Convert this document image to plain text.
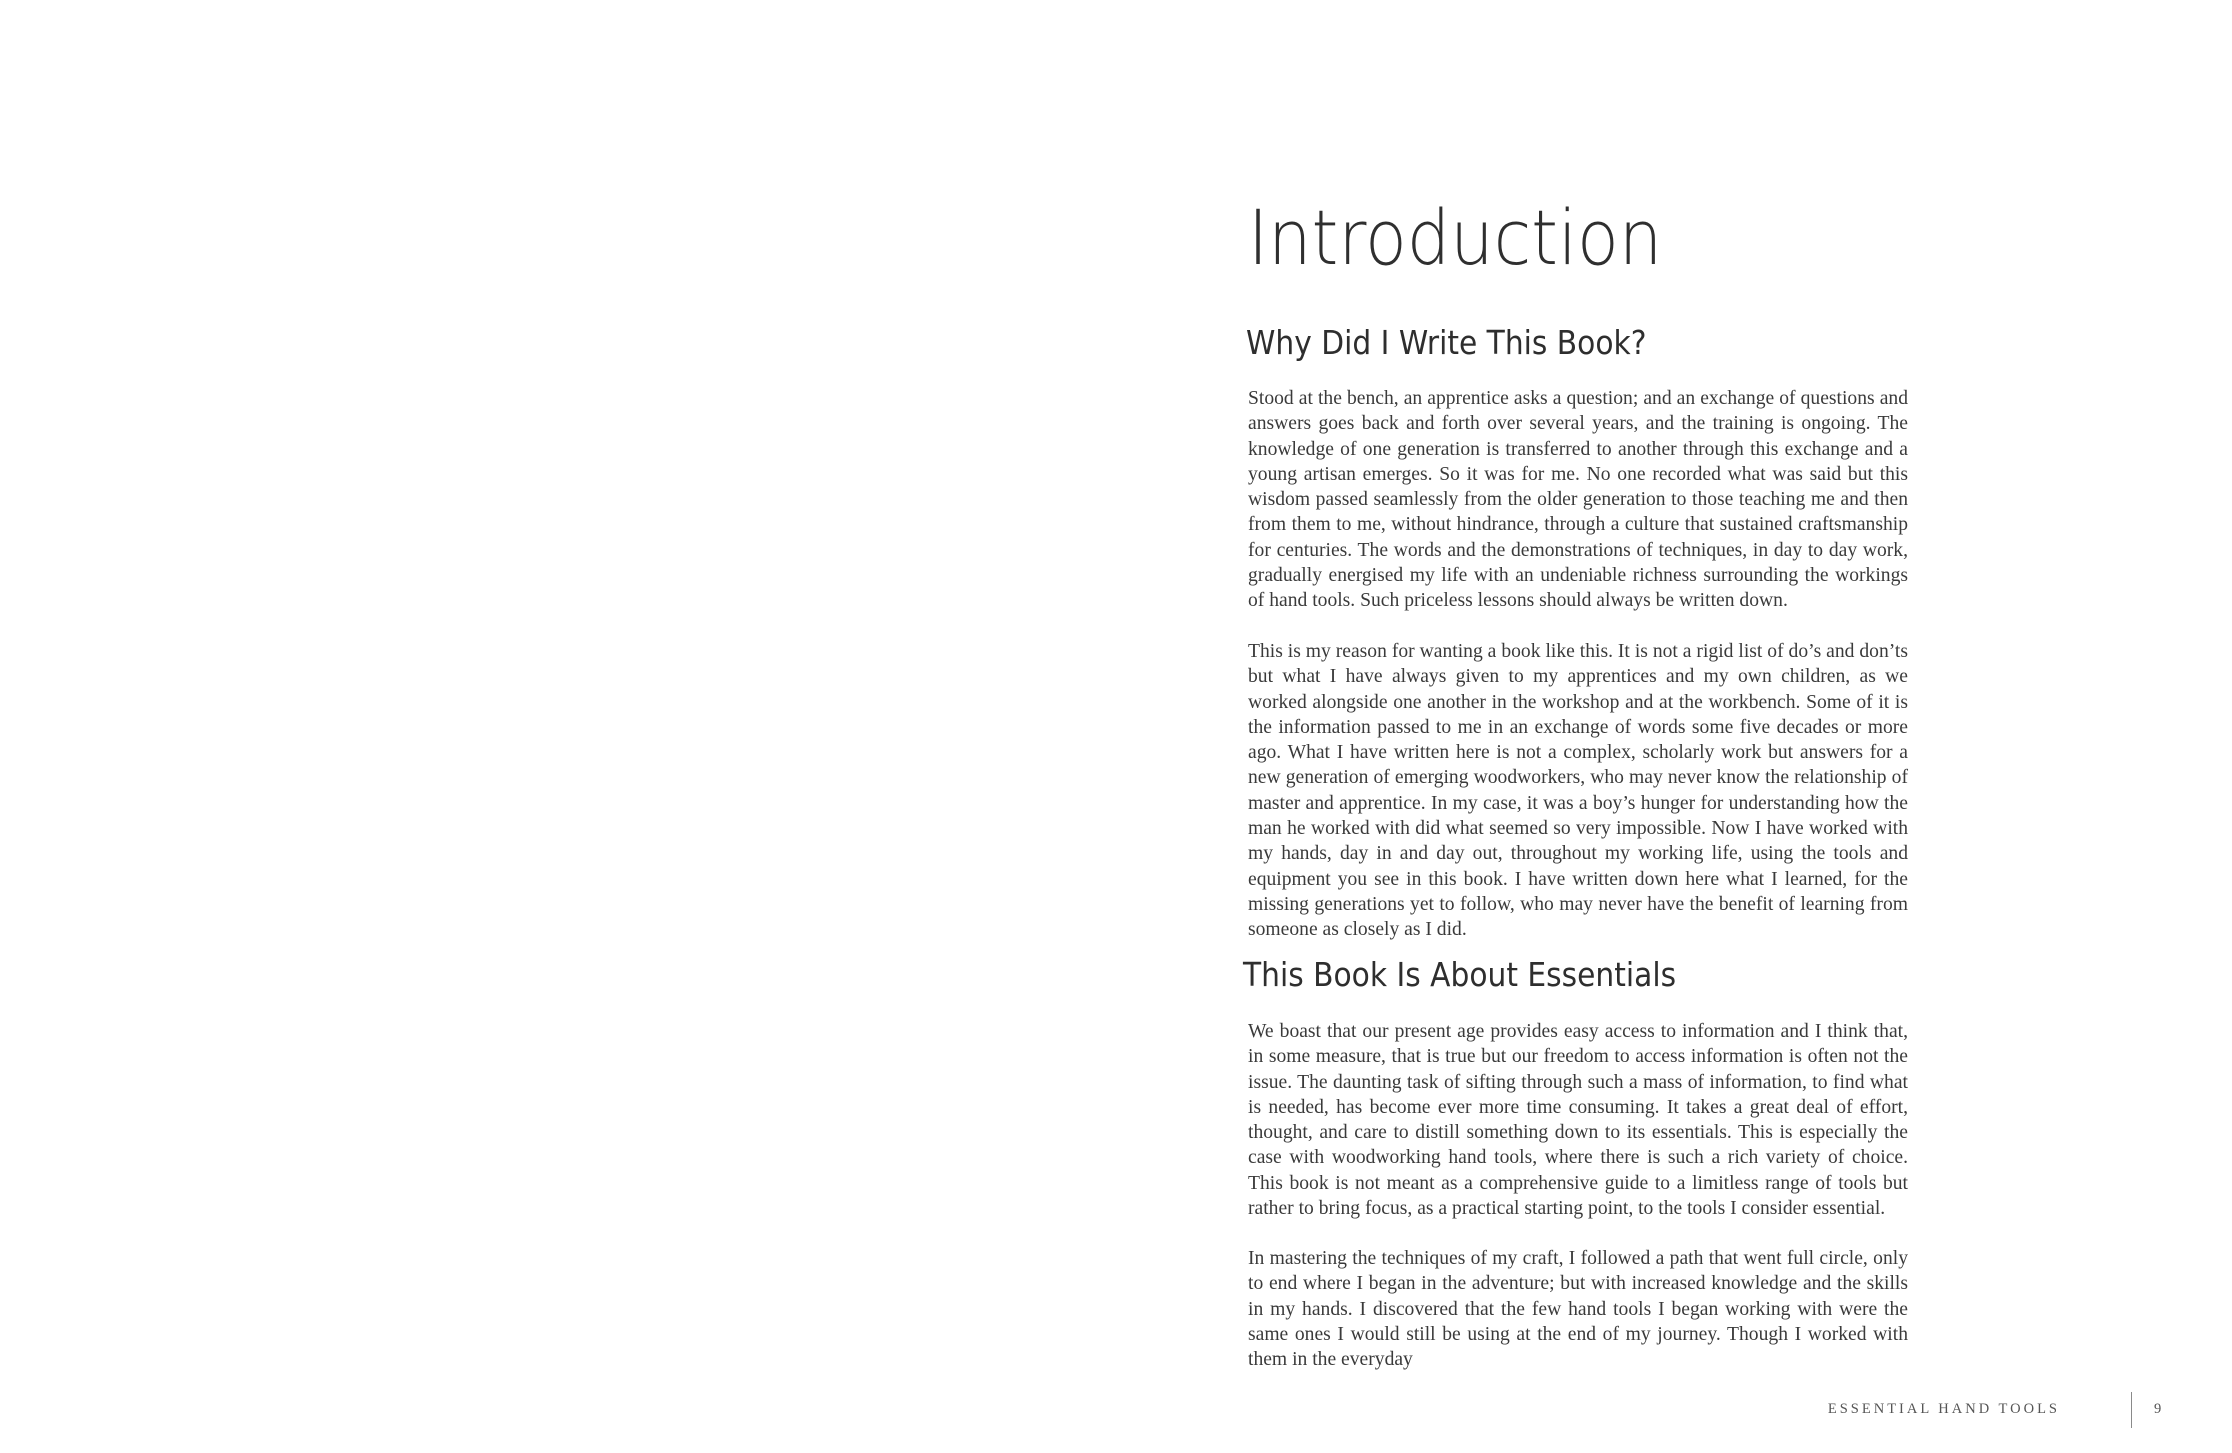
Introduction
Why Did I Write This Book?

Stood at the bench, an apprentice asks a question; and an exchange of questions and answers goes back and forth over several years, and the training is ongoing. The knowledge of one generation is transferred to another through this exchange and a young artisan emerges. So it was for me. No one recorded what was said but this wisdom passed seamlessly from the older generation to those teaching me and then from them to me, without hindrance, through a culture that sustained craftsmanship for centuries. The words and the demonstrations of techniques, in day to day work, gradually energised my life with an undeniable richness surrounding the workings of hand tools. Such priceless lessons should always be written down.

This is my reason for wanting a book like this. It is not a rigid list of do’s and don’ts but what I have always given to my apprentices and my own children, as we worked alongside one another in the workshop and at the workbench. Some of it is the information passed to me in an exchange of words some five decades or more ago. What I have written here is not a complex, scholarly work but answers for a new generation of emerging woodworkers, who may never know the relationship of master and apprentice. In my case, it was a boy’s hunger for understanding how the man he worked with did what seemed so very impossible. Now I have worked with my hands, day in and day out, throughout my working life, using the tools and equipment you see in this book. I have written down here what I learned, for the missing generations yet to follow, who may never have the benefit of learning from someone as closely as I did.

This Book Is About Essentials

We boast that our present age provides easy access to information and I think that, in some measure, that is true but our freedom to access information is often not the issue. The daunting task of sifting through such a mass of information, to find what is needed, has become ever more time consuming. It takes a great deal of effort, thought, and care to distill something down to its essentials. This is especially the case with woodworking hand tools, where there is such a rich variety of choice. This book is not meant as a comprehensive guide to a limitless range of tools but rather to bring focus, as a practical starting point, to the tools I consider essential.

In mastering the techniques of my craft, I followed a path that went full circle, only to end where I began in the adventure; but with increased knowledge and the skills in my hands. I discovered that the few hand tools I began working with were the same ones I would still be using at the end of my journey. Though I worked with them in the everyday

ESSENTIAL HAND TOOLS	9
